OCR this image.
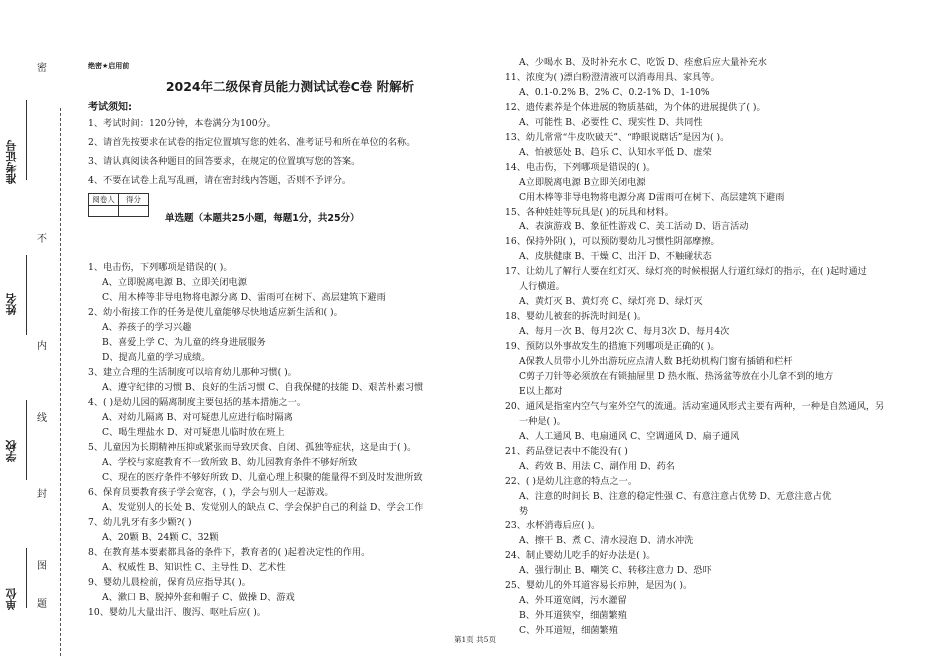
准考证号
姓名
学校
单位
密
不
内
线
封
图
题
绝密★启用前
2024年二级保育员能力测试试卷C卷 附解析
考试须知:
1、考试时间：120分钟，本卷满分为100分。
2、请首先按要求在试卷的指定位置填写您的姓名、准考证号和所在单位的名称。
3、请认真阅读各种题目的回答要求，在规定的位置填写您的答案。
4、不要在试卷上乱写乱画，请在密封线内答题，否则不予评分。
阅卷人	得分

单选题（本题共25小题，每题1分，共25分）
1、电击伤，下列哪项是错误的( )。
A、立即脱离电源 B、立即关闭电源
C、用木棒等非导电物将电源分离 D、雷雨可在树下、高层建筑下避雨
2、幼小衔接工作的任务是使儿童能够尽快地适应新生活和( )。
A、养孩子的学习兴趣
B、喜爱上学 C、为儿童的终身进展服务
D、提高儿童的学习成绩。
3、建立合理的生活制度可以培育幼儿那种习惯( )。
A、遵守纪律的习惯 B、良好的生活习惯 C、自我保健的技能 D、艰苦朴素习惯
4、( )是幼儿园的隔离制度主要包括的基本措施之一。
A、对幼儿隔离 B、对可疑患儿应进行临时隔离
C、喝生理盐水 D、对可疑患儿临时放在班上
5、儿童因为长期精神压抑或紧张而导致厌食、自闭、孤独等症状，这是由于( )。
A、学校与家庭教育不一致所致 B、幼儿园教育条件不够好所致
C、现在的医疗条件不够好所致 D、儿童心理上积聚的能量得不到及时发泄所致
6、保育员要教育孩子学会宽容，( )，学会与别人一起游戏。
A、发觉别人的长处 B、发觉别人的缺点 C、学会保护自己的利益 D、学会工作
7、幼儿乳牙有多少颗?( )
A、20颗 B、24颗 C、32颗
8、在教育基本要素都具备的条件下，教育者的( )起着决定性的作用。
A、权威性 B、知识性 C、主导性 D、艺术性
9、婴幼儿晨检前，保育员应指导其( )。
A、漱口 B、脱掉外套和帽子 C、做操 D、游戏
10、婴幼儿大量出汗、腹泻、呕吐后应( )。
A、少喝水 B、及时补充水 C、吃饭 D、痊愈后应大量补充水
11、浓度为( )漂白粉澄清液可以消毒用具、家具等。
A、0.1-0.2% B、2% C、0.2-1% D、1-10%
12、遗传素养是个体进展的物质基础，为个体的进展提供了( )。
A、可能性 B、必要性 C、现实性 D、共同性
13、幼儿常常“牛皮吹破天”、“睁眼说瞎话”是因为( )。
A、怕被惩处 B、趋乐 C、认知水平低 D、虚荣
14、电击伤，下列哪项是错误的( )。
A立即脱离电源 B立即关闭电源
C用木棒等非导电物将电源分离 D雷雨可在树下、高层建筑下避雨
15、各种娃娃等玩具是( )的玩具和材料。
A、表演游戏 B、象征性游戏 C、美工活动 D、语言活动
16、保持外阴( )，可以预防婴幼儿习惯性阴部摩擦。
A、皮肤健康 B、干燥 C、出汗 D、不触碰状态
17、让幼儿了解行人要在红灯灭、绿灯亮的时候根据人行道红绿灯的指示，在( )起时通过
人行横道。
A、黄灯灭 B、黄灯亮 C、绿灯亮 D、绿灯灭
18、婴幼儿被套的拆洗时间是( )。
A、每月一次 B、每月2次 C、每月3次 D、每月4次
19、预防以外事故发生的措施下列哪项是正确的( )。
A保教人员带小儿外出游玩应点清人数 B托幼机构门窗有插销和栏杆
C剪子刀针等必须放在有锁抽屉里 D 热水瓶、热汤盆等放在小儿拿不到的地方
E以上都对
20、通风是指室内空气与室外空气的流通。活动室通风形式主要有两种，一种是自然通风，另
一种是( )。
A、人工通风 B、电扇通风 C、空调通风 D、扇子通风
21、药品登记表中不能没有( )
A、药效 B、用法 C、副作用 D、药名
22、( )是幼儿注意的特点之一。
A、注意的时间长 B、注意的稳定性强 C、有意注意占优势 D、无意注意占优
势
23、水杯消毒后应( )。
A、擦干 B、煮 C、清水浸泡 D、清水冲洗
24、制止婴幼儿吃手的好办法是( )。
A、强行制止 B、嘲笑 C、转移注意力 D、恐吓
25、婴幼儿的外耳道容易长疖肿，是因为( )。
A、外耳道宽阔，污水灌留
B、外耳道狭窄，细菌繁殖
C、外耳道短，细菌繁殖
第1页 共5页
